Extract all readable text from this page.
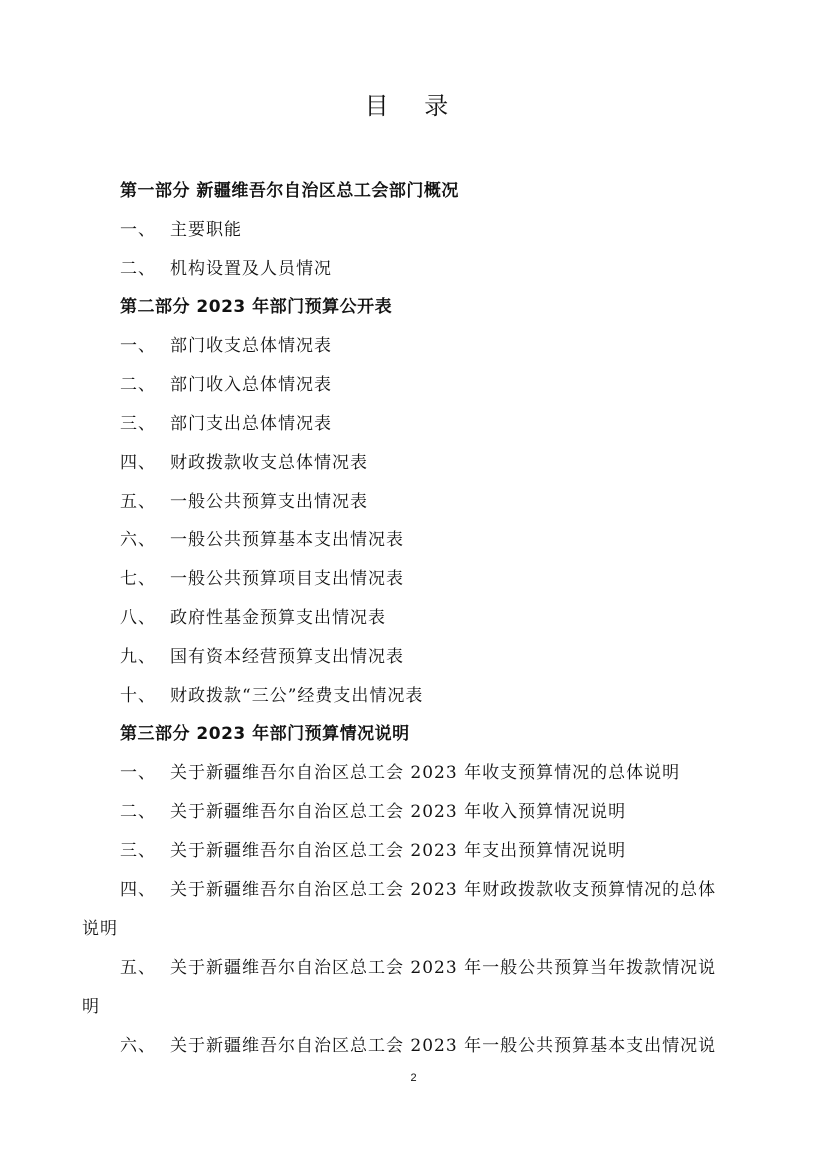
目 录
第一部分 新疆维吾尔自治区总工会部门概况
一、 主要职能
二、 机构设置及人员情况
第二部分 2023 年部门预算公开表
一、 部门收支总体情况表
二、 部门收入总体情况表
三、 部门支出总体情况表
四、 财政拨款收支总体情况表
五、 一般公共预算支出情况表
六、 一般公共预算基本支出情况表
七、 一般公共预算项目支出情况表
八、 政府性基金预算支出情况表
九、 国有资本经营预算支出情况表
十、 财政拨款“三公”经费支出情况表
第三部分 2023 年部门预算情况说明
一、 关于新疆维吾尔自治区总工会 2023 年收支预算情况的总体说明
二、 关于新疆维吾尔自治区总工会 2023 年收入预算情况说明
三、 关于新疆维吾尔自治区总工会 2023 年支出预算情况说明
四、 关于新疆维吾尔自治区总工会 2023 年财政拨款收支预算情况的总体
说明
五、 关于新疆维吾尔自治区总工会 2023 年一般公共预算当年拨款情况说
明
六、 关于新疆维吾尔自治区总工会 2023 年一般公共预算基本支出情况说
2
